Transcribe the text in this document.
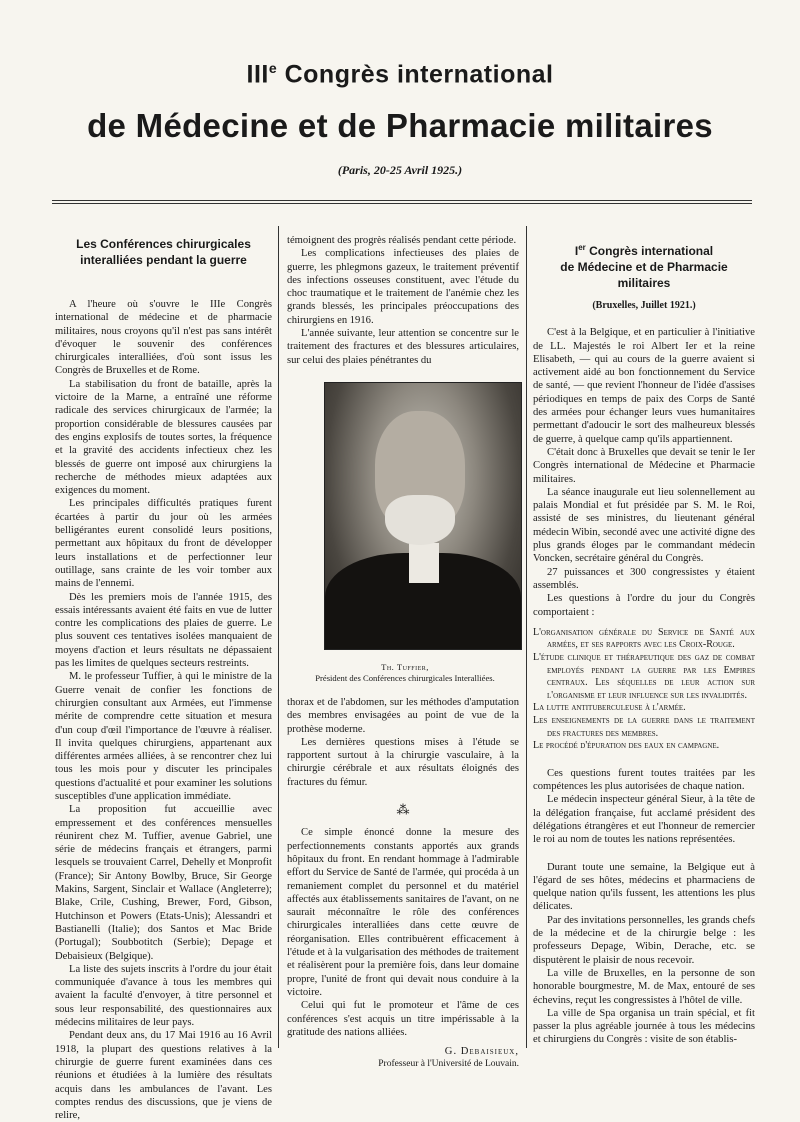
IIIe Congrès international
de Médecine et de Pharmacie militaires
(Paris, 20-25 Avril 1925.)
Les Conférences chirurgicales interalliées pendant la guerre

A l'heure où s'ouvre le IIIe Congrès international de médecine et de pharmacie militaires, nous croyons qu'il n'est pas sans intérêt d'évoquer le souvenir des conférences chirurgicales interalliées, d'où sont issus les Congrès de Bruxelles et de Rome.

La stabilisation du front de bataille, après la victoire de la Marne, a entraîné une réforme radicale des services chirurgicaux de l'armée; la proportion considérable de blessures causées par des engins explosifs de toutes sortes, la fréquence et la gravité des accidents infectieux chez les blessés de guerre ont imposé aux chirurgiens la recherche de méthodes mieux adaptées aux exigences du moment.

Les principales difficultés pratiques furent écartées à partir du jour où les armées belligérantes eurent consolidé leurs positions, permettant aux hôpitaux du front de développer leurs installations et de perfectionner leur outillage, sans crainte de les voir tomber aux mains de l'ennemi.

Dès les premiers mois de l'année 1915, des essais intéressants avaient été faits en vue de lutter contre les complications des plaies de guerre. Le plus souvent ces tentatives isolées manquaient de moyens d'action et leurs résultats ne dépassaient pas les limites de quelques secteurs restreints.

M. le professeur Tuffier, à qui le ministre de la Guerre venait de confier les fonctions de chirurgien consultant aux Armées, eut l'immense mérite de comprendre cette situation et mesura d'un coup d'œil l'importance de l'œuvre à réaliser. Il invita quelques chirurgiens, appartenant aux différentes armées alliées, à se rencontrer chez lui tous les mois pour y discuter les principales questions d'actualité et pour examiner les solutions susceptibles d'une application immédiate.

La proposition fut accueillie avec empressement et des conférences mensuelles réunirent chez M. Tuffier, avenue Gabriel, une série de médecins français et étrangers, parmi lesquels se trouvaient Carrel, Dehelly et Monprofit (France); Sir Antony Bowlby, Bruce, Sir George Makins, Sargent, Sinclair et Wallace (Angleterre); Blake, Crile, Cushing, Brewer, Ford, Gibson, Hutchinson et Powers (Etats-Unis); Alessandri et Bastianelli (Italie); dos Santos et Mac Bride (Portugal); Soubbotitch (Serbie); Depage et Debaisieux (Belgique).

La liste des sujets inscrits à l'ordre du jour était communiquée d'avance à tous les membres qui avaient la faculté d'envoyer, à titre personnel et sous leur responsabilité, des questionnaires aux médecins militaires de leur pays.

Pendant deux ans, du 17 Mai 1916 au 16 Avril 1918, la plupart des questions relatives à la chirurgie de guerre furent examinées dans ces réunions et étudiées à la lumière des résultats acquis dans les ambulances de l'avant. Les comptes rendus des discussions, que je viens de relire,

témoignent des progrès réalisés pendant cette période.

Les complications infectieuses des plaies de guerre, les phlegmons gazeux, le traitement préventif des infections osseuses constituent, avec l'étude du choc traumatique et le traitement de l'anémie chez les grands blessés, les principales préoccupations des chirurgiens en 1916.

L'année suivante, leur attention se concentre sur le traitement des fractures et des blessures articulaires, sur celui des plaies pénétrantes du

Th. Tuffier,
Président des Conférences chirurgicales Interalliées.

thorax et de l'abdomen, sur les méthodes d'amputation des membres envisagées au point de vue de la prothèse moderne.

Les dernières questions mises à l'étude se rapportent surtout à la chirurgie vasculaire, à la chirurgie cérébrale et aux résultats éloignés des fractures du fémur.

⁂

Ce simple énoncé donne la mesure des perfectionnements constants apportés aux grands hôpitaux du front. En rendant hommage à l'admirable effort du Service de Santé de l'armée, qui procéda à un remaniement complet du personnel et du matériel affectés aux établissements sanitaires de l'avant, on ne saurait méconnaître le rôle des conférences chirurgicales interalliées dans cette œuvre de réorganisation. Elles contribuèrent efficacement à l'étude et à la vulgarisation des méthodes de traitement et réalisèrent pour la première fois, dans leur domaine propre, l'unité de front qui devait nous conduire à la victoire.

Celui qui fut le promoteur et l'âme de ces conférences s'est acquis un titre impérissable à la gratitude des nations alliées.

G. Debaisieux,
Professeur à l'Université de Louvain.
Ier Congrès international
de Médecine et de Pharmacie militaires
(Bruxelles, Juillet 1921.)

C'est à la Belgique, et en particulier à l'initiative de LL. Majestés le roi Albert Ier et la reine Elisabeth, — qui au cours de la guerre avaient si activement aidé au bon fonctionnement du Service de santé, — que revient l'honneur de l'idée d'assises périodiques en temps de paix des Corps de Santé des armées pour échanger leurs vues humanitaires permettant d'adoucir le sort des malheureux blessés de guerre, à quelque camp qu'ils appartiennent.

C'était donc à Bruxelles que devait se tenir le Ier Congrès international de Médecine et Pharmacie militaires.

La séance inaugurale eut lieu solennellement au palais Mondial et fut présidée par S. M. le Roi, assisté de ses ministres, du lieutenant général médecin Wibin, secondé avec une activité digne des plus grands éloges par le commandant médecin Voncken, secrétaire général du Congrès.

27 puissances et 300 congressistes y étaient assemblés.

Les questions à l'ordre du jour du Congrès comportaient :

L'organisation générale du Service de Santé aux armées, et ses rapports avec les Croix-Rouge.

L'étude clinique et thérapeutique des gaz de combat employés pendant la guerre par les Empires centraux. Les séquelles de leur action sur l'organisme et leur influence sur les invalidités.

La lutte antituberculeuse à l'armée.

Les enseignements de la guerre dans le traitement des fractures des membres.

Le procédé d'épuration des eaux en campagne.

Ces questions furent toutes traitées par les compétences les plus autorisées de chaque nation.

Le médecin inspecteur général Sieur, à la tête de la délégation française, fut acclamé président des délégations étrangères et eut l'honneur de remercier le roi au nom de toutes les nations représentées.

Durant toute une semaine, la Belgique eut à l'égard de ses hôtes, médecins et pharmaciens de quelque nation qu'ils fussent, les attentions les plus délicates.

Par des invitations personnelles, les grands chefs de la médecine et de la chirurgie belge : les professeurs Depage, Wibin, Derache, etc. se disputèrent le plaisir de nous recevoir.

La ville de Bruxelles, en la personne de son honorable bourgmestre, M. de Max, entouré de ses échevins, reçut les congressistes à l'hôtel de ville.

La ville de Spa organisa un train spécial, et fit passer la plus agréable journée à tous les médecins et chirurgiens du Congrès : visite de son établis-
